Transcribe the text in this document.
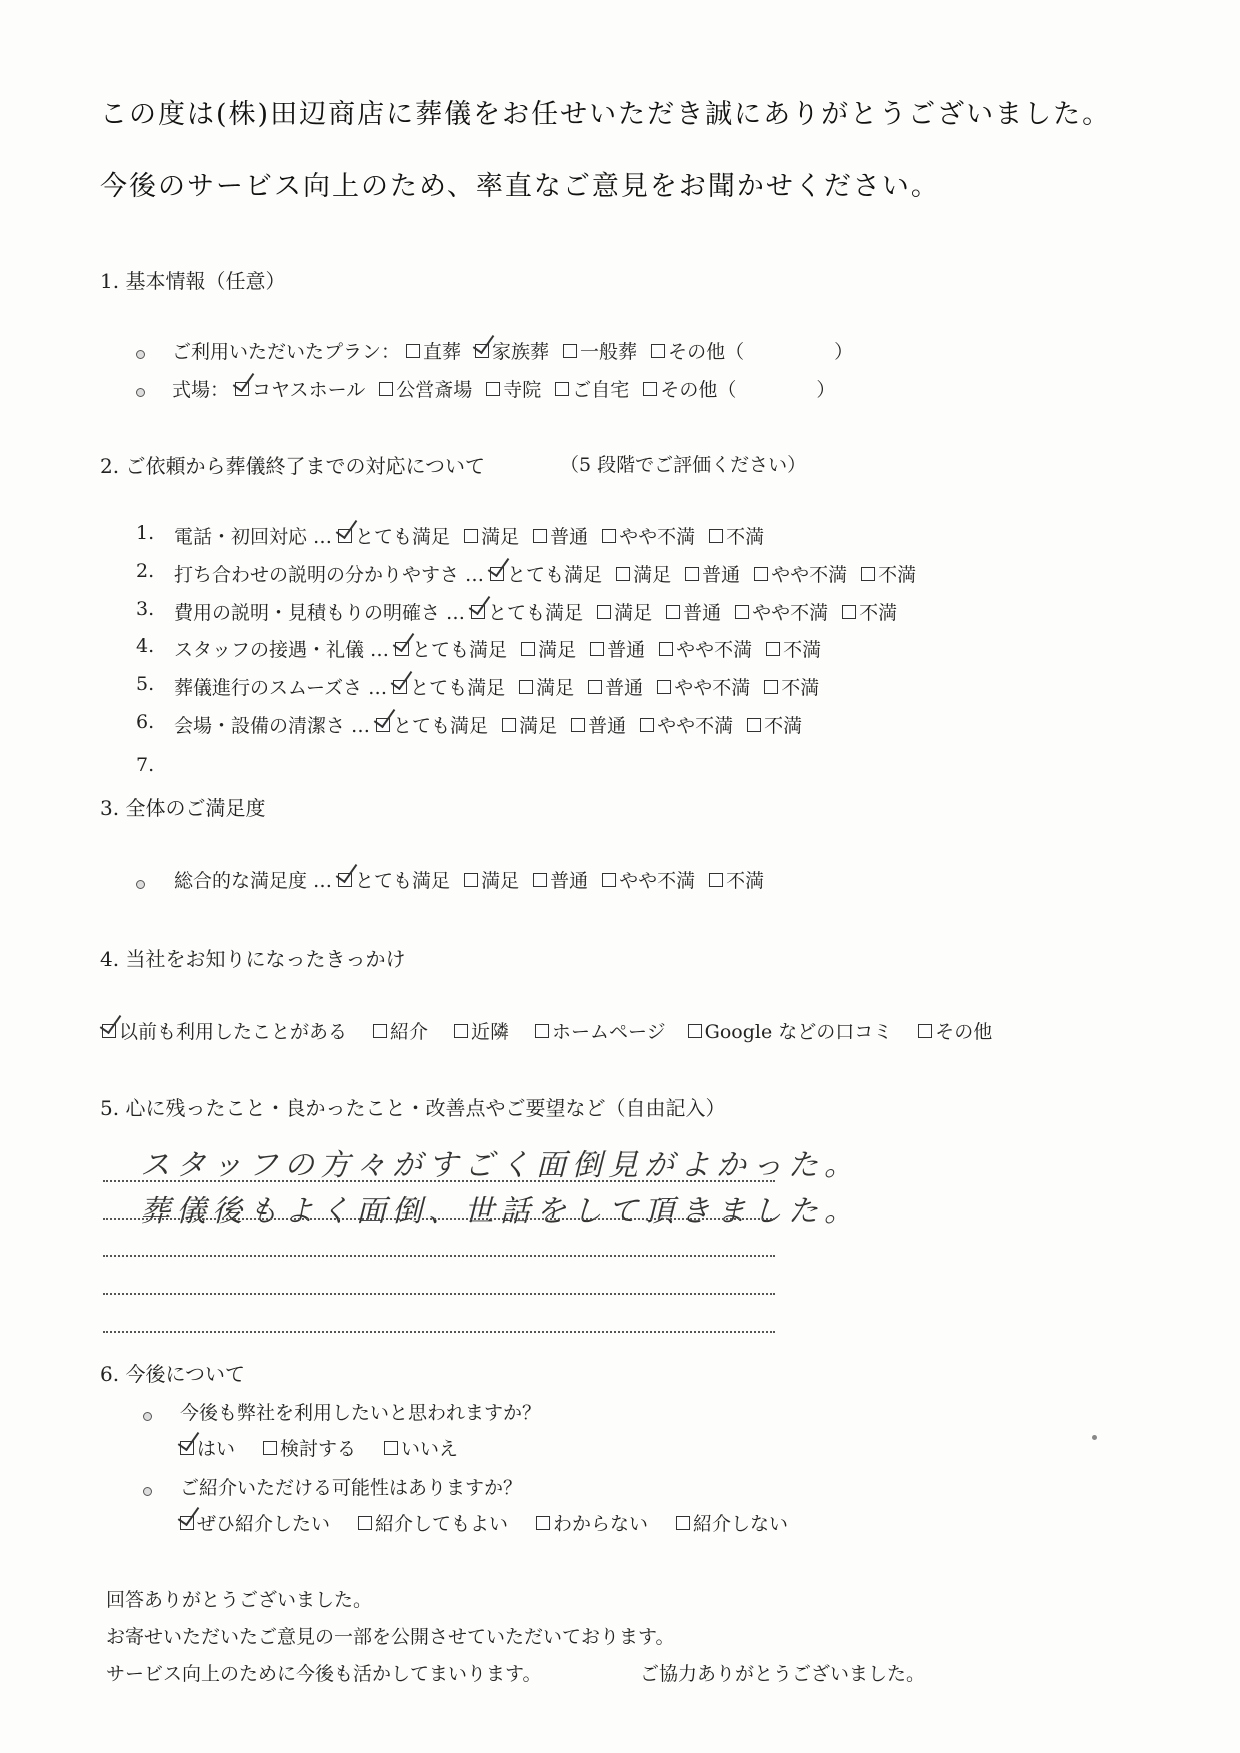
この度は(株)田辺商店に葬儀をお任せいただき誠にありがとうございました。
今後のサービス向上のため、率直なご意見をお聞かせください。
1. 基本情報（任意）
ご利用いただいたプラン： 直葬 家族葬 一般葬 その他（	）
式場： コヤスホール 公営斎場 寺院 ご自宅 その他（	）
2. ご依頼から葬儀終了までの対応について	（5 段階でご評価ください）
1. 電話・初回対応 … とても満足 満足 普通 やや不満 不満
2. 打ち合わせの説明の分かりやすさ … とても満足 満足 普通 やや不満 不満
3. 費用の説明・見積もりの明確さ … とても満足 満足 普通 やや不満 不満
4. スタッフの接遇・礼儀 … とても満足 満足 普通 やや不満 不満
5. 葬儀進行のスムーズさ … とても満足 満足 普通 やや不満 不満
6. 会場・設備の清潔さ … とても満足 満足 普通 やや不満 不満
7.
3. 全体のご満足度
総合的な満足度 … とても満足 満足 普通 やや不満 不満
4. 当社をお知りになったきっかけ
以前も利用したことがある 紹介 近隣 ホームページ Google などの口コミ その他
5. 心に残ったこと・良かったこと・改善点やご要望など（自由記入）
スタッフの方々がすごく面倒見がよかった。
葬儀後もよく面倒、世話をして頂きました。
6. 今後について
今後も弊社を利用したいと思われますか？
はい 検討する いいえ
ご紹介いただける可能性はありますか？
ぜひ紹介したい 紹介してもよい わからない 紹介しない
回答ありがとうございました。
お寄せいただいたご意見の一部を公開させていただいております。
サービス向上のために今後も活かしてまいります。	ご協力ありがとうございました。
